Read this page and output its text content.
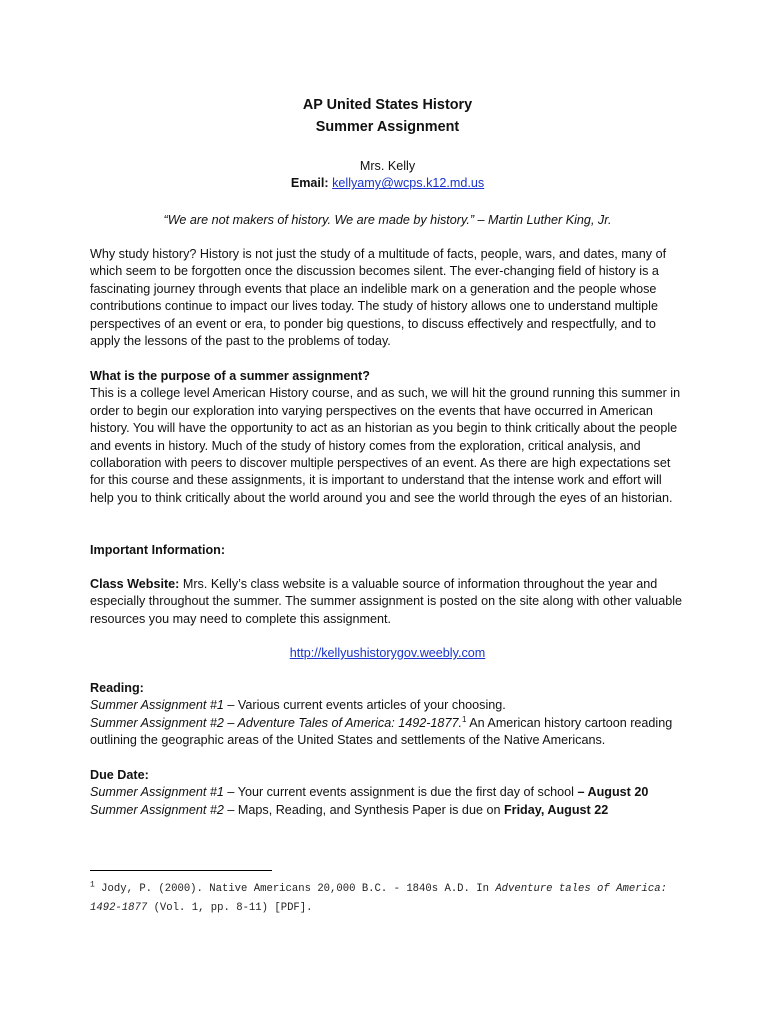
AP United States History
Summer Assignment
Mrs. Kelly
Email: kellyamy@wcps.k12.md.us

“We are not makers of history. We are made by history.” – Martin Luther King, Jr.

Why study history? History is not just the study of a multitude of facts, people, wars, and dates, many of which seem to be forgotten once the discussion becomes silent. The ever-changing field of history is a fascinating journey through events that place an indelible mark on a generation and the people whose contributions continue to impact our lives today. The study of history allows one to understand multiple perspectives of an event or era, to ponder big questions, to discuss effectively and respectfully, and to apply the lessons of the past to the problems of today.

What is the purpose of a summer assignment?
This is a college level American History course, and as such, we will hit the ground running this summer in order to begin our exploration into varying perspectives on the events that have occurred in American history. You will have the opportunity to act as an historian as you begin to think critically about the people and events in history. Much of the study of history comes from the exploration, critical analysis, and collaboration with peers to discover multiple perspectives of an event. As there are high expectations set for this course and these assignments, it is important to understand that the intense work and effort will help you to think critically about the world around you and see the world through the eyes of an historian.
Important Information:

Class Website: Mrs. Kelly’s class website is a valuable source of information throughout the year and especially throughout the summer. The summer assignment is posted on the site along with other valuable resources you may need to complete this assignment.

http://kellyushistorygov.weebly.com
Reading:
Summer Assignment #1 – Various current events articles of your choosing.
Summer Assignment #2 – Adventure Tales of America: 1492-1877.$^1$ An American history cartoon reading outlining the geographic areas of the United States and settlements of the Native Americans.
Due Date:
Summer Assignment #1 – Your current events assignment is due the first day of school – August 20
Summer Assignment #2 – Maps, Reading, and Synthesis Paper is due on Friday, August 22
$^1$ Jody, P. (2000). Native Americans 20,000 B.C. - 1840s A.D. In Adventure tales of America: 1492-1877 (Vol. 1, pp. 8-11) [PDF].
